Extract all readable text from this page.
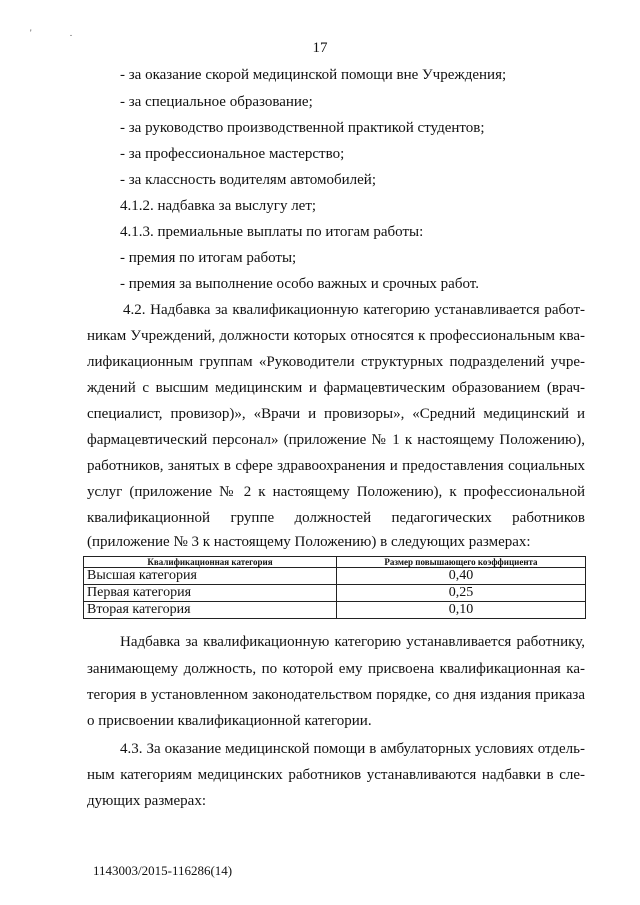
' .
17
- за оказание скорой медицинской помощи вне Учреждения;
- за специальное образование;
- за руководство производственной практикой студентов;
- за профессиональное мастерство;
- за классность водителям автомобилей;
4.1.2. надбавка за выслугу лет;
4.1.3. премиальные выплаты по итогам работы:
- премия по итогам работы;
- премия за выполнение особо важных и срочных работ.
4.2. Надбавка за квалификационную категорию устанавливается работ-
никам Учреждений, должности которых относятся к профессиональным ква-
лификационным группам «Руководители структурных подразделений учре-
ждений с высшим медицинским и фармацевтическим образованием (врач-
специалист, провизор)», «Врачи и провизоры», «Средний медицинский и
фармацевтический персонал» (приложение № 1 к настоящему Положению),
работников, занятых в сфере здравоохранения и предоставления социальных
услуг (приложение № 2 к настоящему Положению), к профессиональной
квалификационной группе должностей педагогических работников
(приложение № 3 к настоящему Положению) в следующих размерах:
Квалификационная категория	Размер повышающего коэффициента
Высшая категория	0,40
Первая категория	0,25
Вторая категория	0,10
Надбавка за квалификационную категорию устанавливается работнику,
занимающему должность, по которой ему присвоена квалификационная ка-
тегория в установленном законодательством порядке, со дня издания приказа
о присвоении квалификационной категории.
4.3. За оказание медицинской помощи в амбулаторных условиях отдель-
ным категориям медицинских работников устанавливаются надбавки в сле-
дующих размерах:
1143003/2015-116286(14)
